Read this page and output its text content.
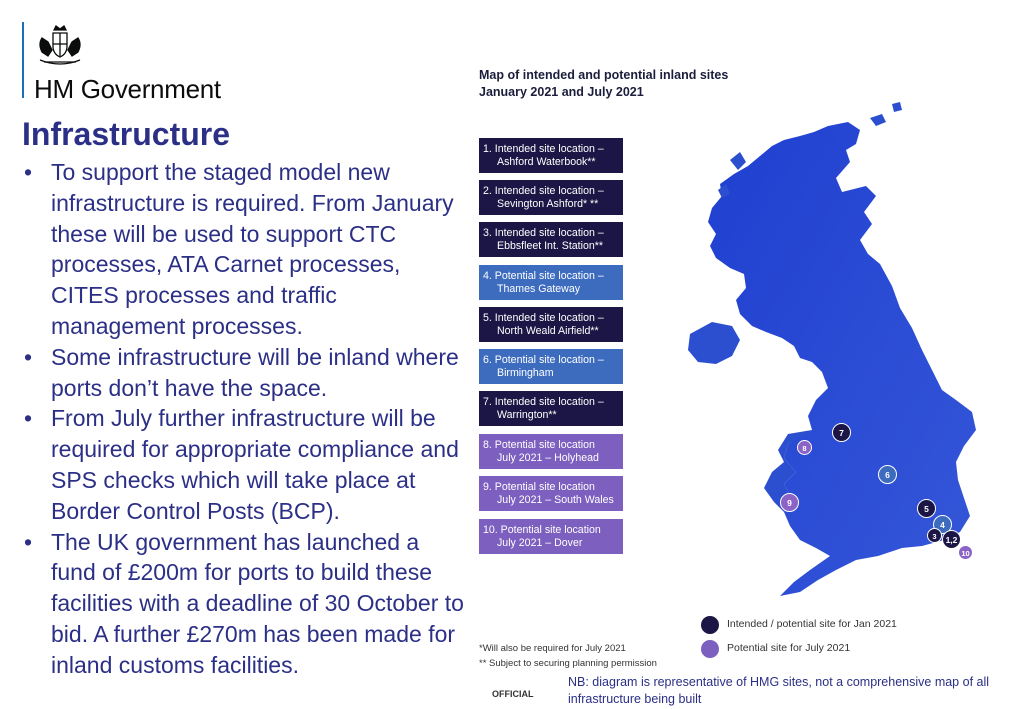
HM Government
Infrastructure
• To support the staged model new infrastructure is required. From January these will be used to support CTC processes, ATA Carnet processes, CITES processes and traffic management processes.
• Some infrastructure will be inland where ports don’t have the space.
• From July further infrastructure will be required for appropriate compliance and SPS checks which will take place at Border Control Posts (BCP).
• The UK government has launched a fund of £200m for ports to build these facilities with a deadline of 30 October to bid. A further £270m has been made for inland customs facilities.
Map of intended and potential inland sites
January 2021 and July 2021
1. Intended site location –
Ashford Waterbook**
2. Intended site location –
Sevington Ashford* **
3. Intended site location –
Ebbsfleet Int. Station**
4. Potential site location –
Thames Gateway
5. Intended site location –
North Weald Airfield**
6. Potential site location –
Birmingham
7. Intended site location –
Warrington**
8. Potential site location
July 2021 – Holyhead
9. Potential site location
July 2021 – South Wales
10. Potential site location
July 2021 – Dover
7
8
6
9
5
4
3	1,2
10
Intended / potential site for Jan 2021
Potential site for July 2021
*Will also be required for July 2021
** Subject to securing planning permission
OFFICIAL
NB: diagram is representative of HMG sites, not a comprehensive map of all infrastructure being built
